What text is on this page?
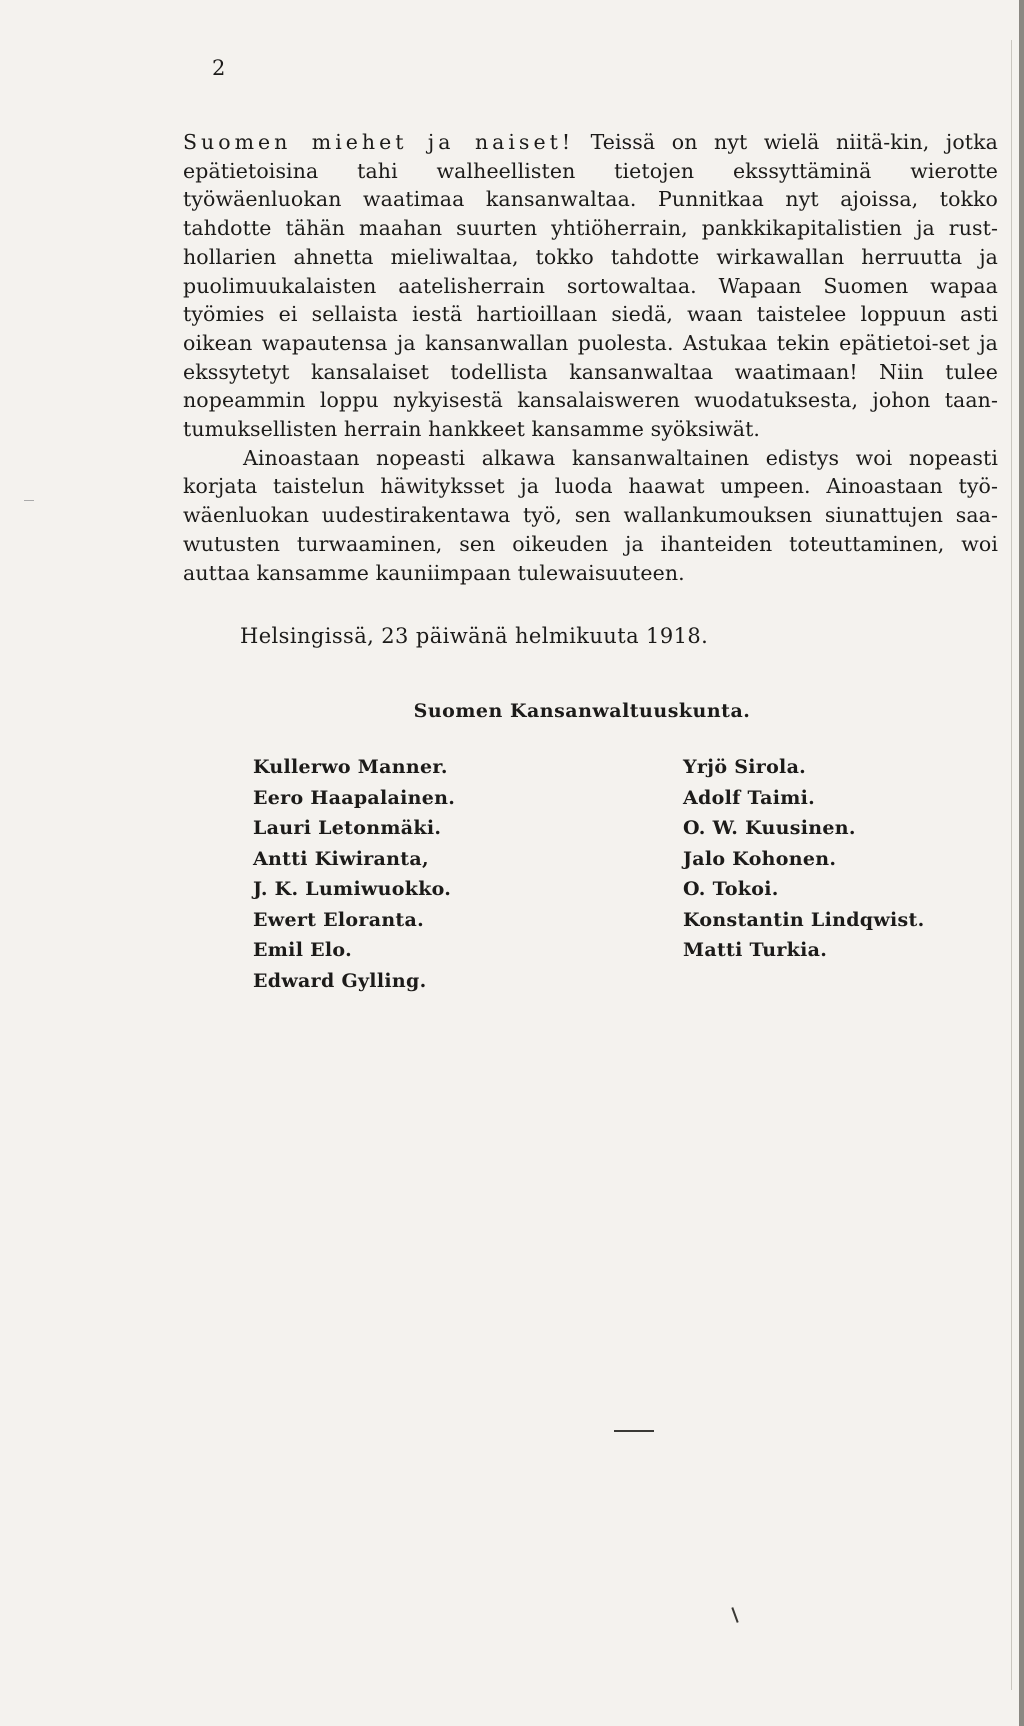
2

Suomen miehet ja naiset! Teissä on nyt wielä niitä-kin, jotka epätietoisina tahi walheellisten tietojen ekssyttäminä wierotte työwäenluokan waatimaa kansanwaltaa. Punnitkaa nyt ajoissa, tokko tahdotte tähän maahan suurten yhtiöherrain, pankkikapitalistien ja rust-hollarien ahnetta mieliwaltaa, tokko tahdotte wirkawallan herruutta ja puolimuukalaisten aatelisherrain sortowaltaa. Wapaan Suomen wapaa työmies ei sellaista iestä hartioillaan siedä, waan taistelee loppuun asti oikean wapautensa ja kansanwallan puolesta. Astukaa tekin epätietoi-set ja ekssytetyt kansalaiset todellista kansanwaltaa waatimaan! Niin tulee nopeammin loppu nykyisestä kansalaisweren wuodatuksesta, johon taan-tumuksellisten herrain hankkeet kansamme syöksiwät.

Ainoastaan nopeasti alkawa kansanwaltainen edistys woi nopeasti korjata taistelun häwityksset ja luoda haawat umpeen. Ainoastaan työ-wäenluokan uudestirakentawa työ, sen wallankumouksen siunattujen saa-wutusten turwaaminen, sen oikeuden ja ihanteiden toteuttaminen, woi auttaa kansamme kauniimpaan tulewaisuuteen.

Helsingissä, 23 päiwänä helmikuuta 1918.
Suomen Kansanwaltuuskunta.
Kullerwo Manner.
Eero Haapalainen.
Lauri Letonmäki.
Antti Kiwiranta,
J. K. Lumiwuokko.
Ewert Eloranta.
Emil Elo.
Edward Gylling.
Yrjö Sirola.
Adolf Taimi.
O. W. Kuusinen.
Jalo Kohonen.
O. Tokoi.
Konstantin Lindqwist.
Matti Turkia.
